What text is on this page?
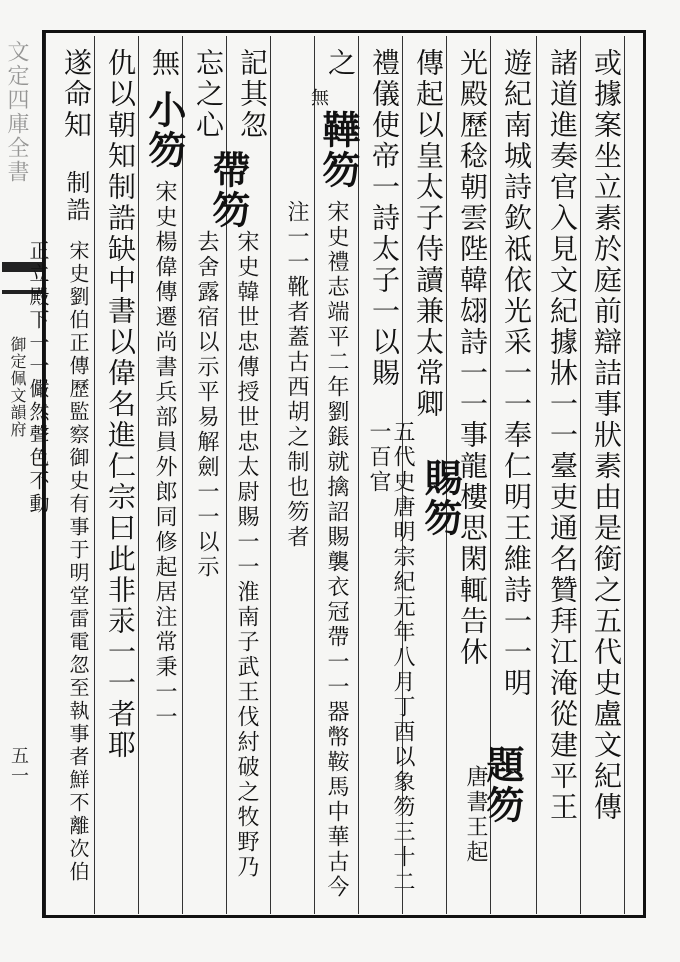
文定四庫全書
御定佩文韻府
五一	或據案坐立素於庭前辯詰事狀素由是銜之五代史盧文紀傳
諸道進奏官入見文紀據牀一一臺吏通名贊拜江淹從建平王
遊紀南城詩欽祗依光采一一奉仁明王維詩一一明
光殿歷稔朝雲陛韓翃詩一一事龍樓思閑輒告休
題笏
唐書王起
傳起以皇太子侍讀兼太常卿
禮儀使帝一詩太子一以賜
賜笏
五代史唐明宗紀元年八月丁酉以象笏三十二一百官
之
無
鞾笏
宋史禮志端平二年劉鋹就擒詔賜襲衣冠帶一一器幣鞍馬中華古今注一一靴者蓋古西胡之制也笏者
記其忽
忘之心
帶笏
宋史韓世忠傳授世忠太尉賜一一淮南子武王伐紂破之牧野乃去舍露宿以示平易解劍一一以示
無
小笏
宋史楊偉傳遷尚書兵部員外郎同修起居注常秉一一
仇以朝知制誥缺中書以偉名進仁宗曰此非汞一一者耶
遂命知
制誥
宋史劉伯正傳歷監察御史有事于明堂雷電忽至執事者鮮不離次伯正立殿下一一儼然聲色不動
